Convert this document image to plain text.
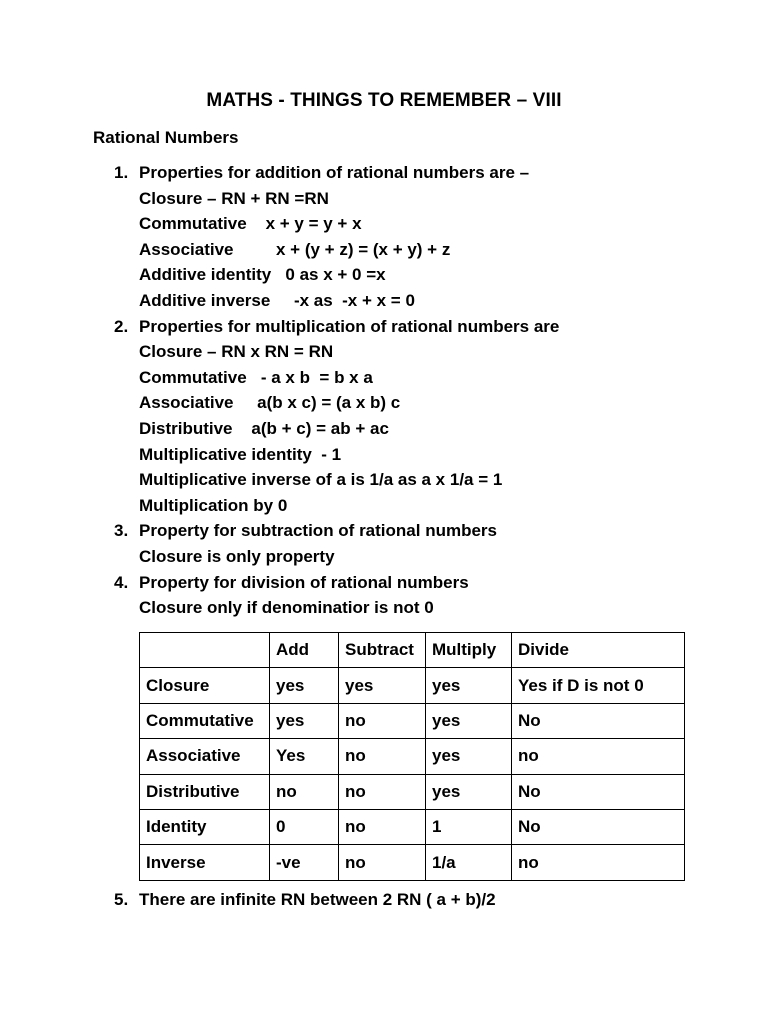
MATHS - THINGS TO REMEMBER – VIII
Rational Numbers
1. Properties for addition of rational numbers are –
Closure – RN + RN =RN
Commutative    x + y = y + x
Associative         x + (y + z) = (x + y) + z
Additive identity   0 as x + 0 =x
Additive inverse     -x as  -x + x = 0
2. Properties for multiplication of rational numbers are
Closure – RN x RN = RN
Commutative   - a x b  = b x a
Associative     a(b x c) = (a x b) c
Distributive    a(b + c) = ab + ac
Multiplicative identity  - 1
Multiplicative inverse of a is 1/a as a x 1/a = 1
Multiplication by 0
3. Property for subtraction of rational numbers
Closure is only property
4. Property for division of rational numbers
Closure only if denominatior is not 0
	Add	Subtract	Multiply	Divide
Closure	yes	yes	yes	Yes if D is not 0
Commutative	yes	no	yes	No
Associative	Yes	no	yes	no
Distributive	no	no	yes	No
Identity	0	no	1	No
Inverse	-ve	no	1/a	no
5. There are infinite RN between 2 RN ( a + b)/2
